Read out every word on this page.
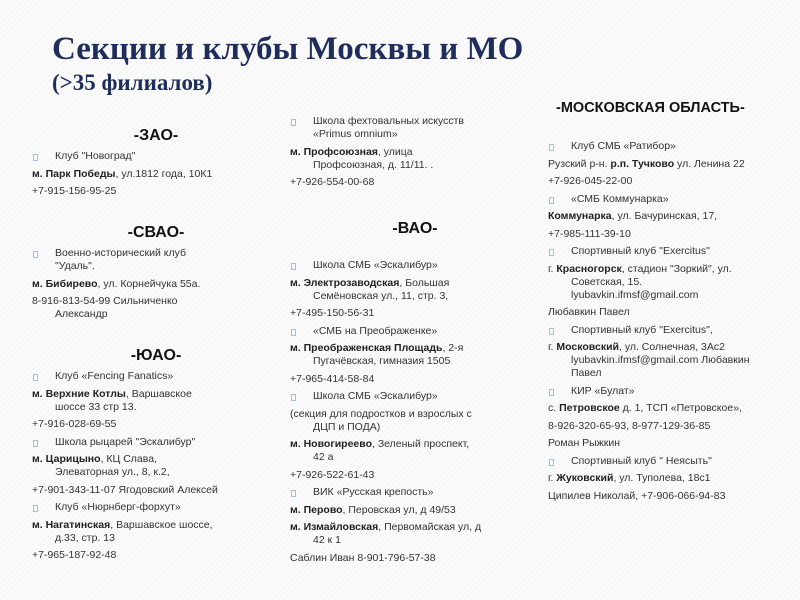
Секции и клубы Москвы и МО
(>35 филиалов)
-ЗАО-
Клуб "Новоград"
м. Парк Победы, ул.1812 года, 10К1
+7-915-156-95-25
-СВАО-
Военно-исторический клуб
"Удаль".
м. Бибирево, ул. Корнейчука 55а.
8-916-813-54-99 Сильниченко
Александр
-ЮАО-
Клуб «Fencing Fanatics»
м. Верхние Котлы, Варшавское
шоссе 33 стр 13.
+7-916-028-69-55
Школа рыцарей "Эскалибур"
м. Царицыно, КЦ Слава,
Элеваторная ул., 8, к.2,
+7-901-343-11-07 Ягодовский Алексей
Клуб «Нюрнберг-форхут»
м. Нагатинская, Варшавское шоссе,
д.33, стр. 13
+7-965-187-92-48
Школа фехтовальных искусств
«Primus omnium»
м. Профсоюзная, улица
Профсоюзная, д. 11/11. .
+7-926-554-00-68
-ВАО-
Школа СМБ «Эскалибур»
м. Электрозаводская, Большая
Семёновская ул., 11, стр. 3,
+7-495-150-56-31
«СМБ на Преображенке»
м. Преображенская Площадь, 2-я
Пугачёвская, гимназия 1505
+7-965-414-58-84
Школа СМБ «Эскалибур»
(секция для подростков и взрослых с
ДЦП и ПОДА)
м. Новогиреево, Зеленый проспект,
42 а
+7-926-522-61-43
ВИК «Русская крепость»
м. Перово, Перовская ул, д 49/53
м. Измайловская, Первомайская ул, д
42 к 1
Саблин Иван 8-901-796-57-38
-МОСКОВСКАЯ ОБЛАСТЬ-
Клуб СМБ «Ратибор»
Рузский р-н. р.п. Тучково ул. Ленина 22
+7-926-045-22-00
«СМБ Коммунарка»
Коммунарка, ул. Бачуринская, 17,
+7-985-111-39-10
Спортивный клуб "Exercitus"
г. Красногорск, стадион "Зоркий", ул.
Советская, 15.
lyubavkin.ifmsf@gmail.com
Любавкин Павел
Спортивный клуб "Exercitus",
г. Московский, ул. Солнечная, 3Ас2
lyubavkin.ifmsf@gmail.com Любавкин
Павел
КИР «Булат»
с. Петровское д. 1, ТСП «Петровское»,
8-926-320-65-93, 8-977-129-36-85
Роман Рыжкин
Спортивный клуб " Неясыть"
г. Жуковский, ул. Туполева, 18с1
Ципилев Николай, +7-906-066-94-83
